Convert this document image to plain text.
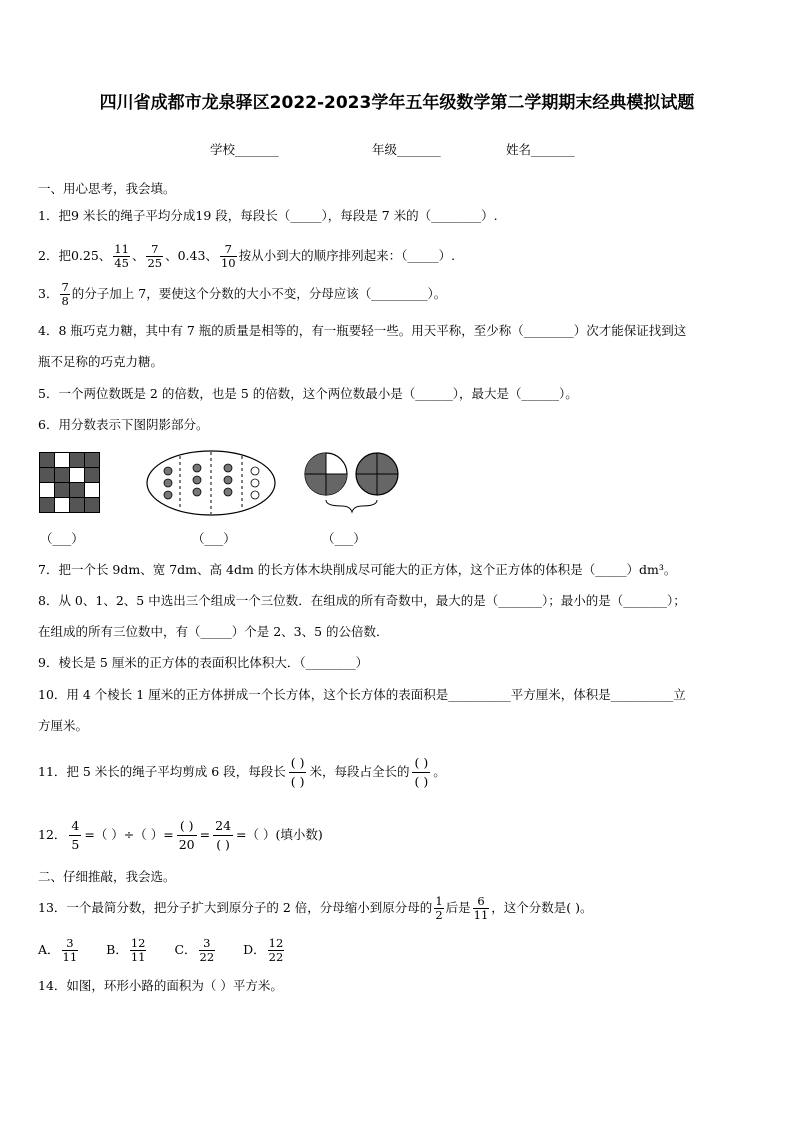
四川省成都市龙泉驿区2022-2023学年五年级数学第二学期期末经典模拟试题
学校_______	年级_______	姓名_______
一、用心思考，我会填。
1．把9 米长的绳子平均分成19 段，每段长（_____），每段是 7 米的（________）.
2．把0.25、 $\frac{11}{45}$ 、 $\frac{7}{25}$ 、0.43、 $\frac{7}{10}$ 按从小到大的顺序排列起来：（_____）.
3． $\frac{7}{8}$ 的分子加上 7，要使这个分数的大小不变，分母应该（_________）。
4．8 瓶巧克力糖，其中有 7 瓶的质量是相等的，有一瓶要轻一些。用天平称，至少称（________）次才能保证找到这
瓶不足称的巧克力糖。
5．一个两位数既是 2 的倍数，也是 5 的倍数，这个两位数最小是（______），最大是（______）。
6．用分数表示下图阴影部分。
（___）	（___）	（___）
7．把一个长 9dm、宽 7dm、高 4dm 的长方体木块削成尽可能大的正方体，这个正方体的体积是（_____）dm³。
8．从 0、1、2、5 中选出三个组成一个三位数．在组成的所有奇数中，最大的是（_______）；最小的是（_______）；
在组成的所有三位数中，有（_____）个是 2、3、5 的公倍数．
9．棱长是 5 厘米的正方体的表面积比体积大．（________）
10．用 4 个棱长 1 厘米的正方体拼成一个长方体，这个长方体的表面积是__________平方厘米，体积是__________立
方厘米。
11．把 5 米长的绳子平均剪成 6 段，每段长
( )
( )
米，每段占全长的
( )
( )
。
12． $\frac{4}{5}$ =（ ）÷（ ）=
( )
20
=
24
( )
=（ ）(填小数)
二、仔细推敲，我会选。
13．一个最简分数，把分子扩大到原分子的 2 倍，分母缩小到原分母的 $\frac{1}{2}$ 后是 $\frac{6}{11}$ ，这个分数是( )。
A． $\frac{3}{11}$ B． $\frac{12}{11}$ C． $\frac{3}{22}$ D． $\frac{12}{22}$
14．如图，环形小路的面积为（ ）平方米。
